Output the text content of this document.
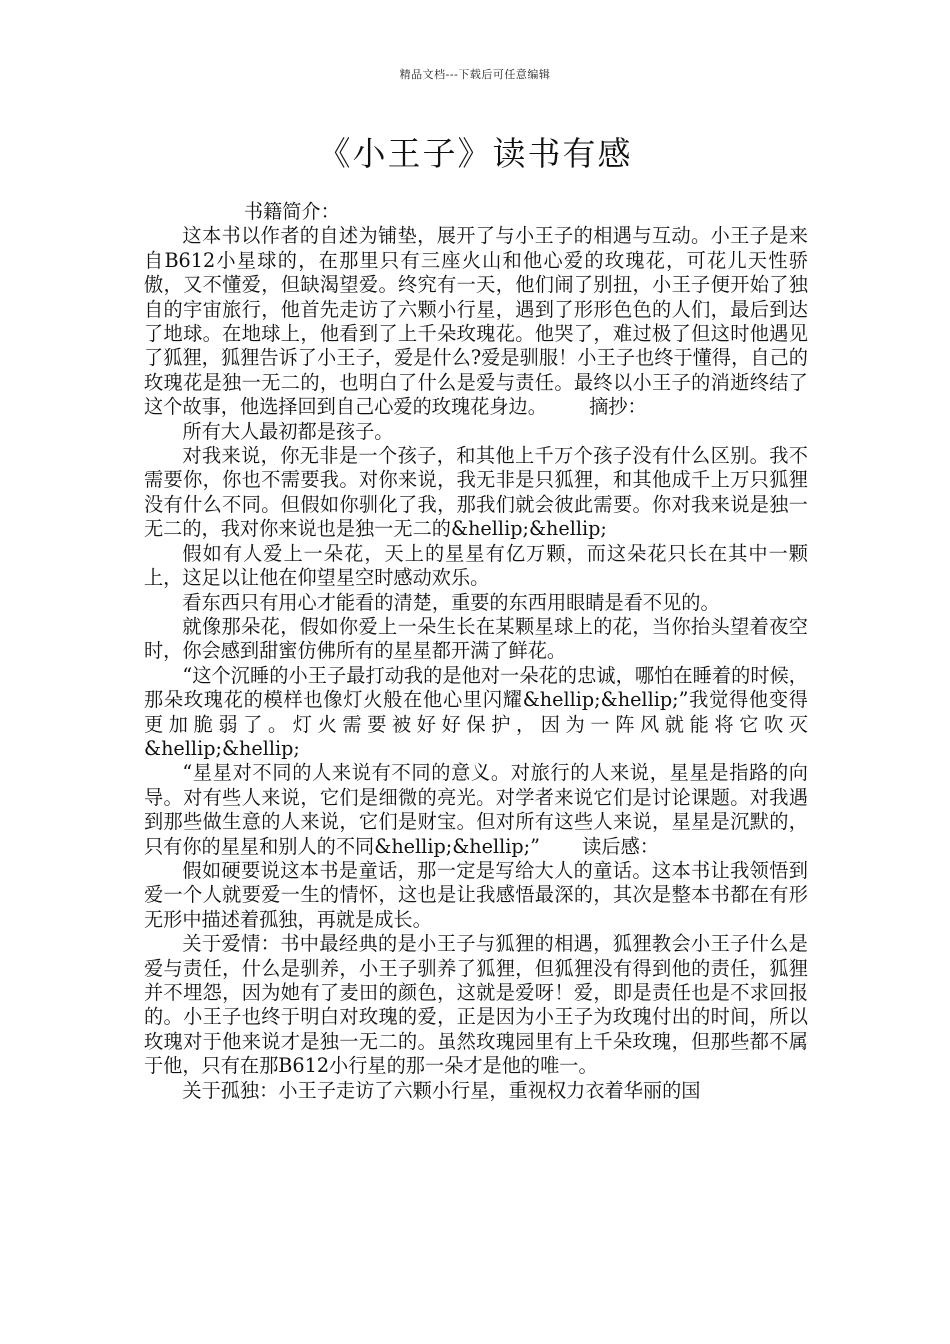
精品文档---下载后可任意编辑
《小王子》读书有感

书籍简介：

这本书以作者的自述为铺垫，展开了与小王子的相遇与互动。小王子是来自B612小星球的，在那里只有三座火山和他心爱的玫瑰花，可花儿天性骄傲，又不懂爱，但缺渴望爱。终究有一天，他们闹了别扭，小王子便开始了独自的宇宙旅行，他首先走访了六颗小行星，遇到了形形色色的人们，最后到达了地球。在地球上，他看到了上千朵玫瑰花。他哭了，难过极了但这时他遇见了狐狸，狐狸告诉了小王子，爱是什么?爱是驯服！小王子也终于懂得，自己的玫瑰花是独一无二的，也明白了什么是爱与责任。最终以小王子的消逝终结了这个故事，他选择回到自己心爱的玫瑰花身边。 摘抄：

所有大人最初都是孩子。

对我来说，你无非是一个孩子，和其他上千万个孩子没有什么区别。我不需要你，你也不需要我。对你来说，我无非是只狐狸，和其他成千上万只狐狸没有什么不同。但假如你驯化了我，那我们就会彼此需要。你对我来说是独一无二的，我对你来说也是独一无二的&hellip;&hellip;

假如有人爱上一朵花，天上的星星有亿万颗，而这朵花只长在其中一颗上，这足以让他在仰望星空时感动欢乐。

看东西只有用心才能看的清楚，重要的东西用眼睛是看不见的。

就像那朵花，假如你爱上一朵生长在某颗星球上的花，当你抬头望着夜空时，你会感到甜蜜仿佛所有的星星都开满了鲜花。

“这个沉睡的小王子最打动我的是他对一朵花的忠诚，哪怕在睡着的时候，那朵玫瑰花的模样也像灯火般在他心里闪耀&hellip;&hellip;”我觉得他变得更加脆弱了。灯火需要被好好保护，因为一阵风就能将它吹灭&hellip;&hellip;

“星星对不同的人来说有不同的意义。对旅行的人来说，星星是指路的向导。对有些人来说，它们是细微的亮光。对学者来说它们是讨论课题。对我遇到那些做生意的人来说，它们是财宝。但对所有这些人来说，星星是沉默的，只有你的星星和别人的不同&hellip;&hellip;” 读后感：

假如硬要说这本书是童话，那一定是写给大人的童话。这本书让我领悟到爱一个人就要爱一生的情怀，这也是让我感悟最深的，其次是整本书都在有形无形中描述着孤独，再就是成长。

关于爱情：书中最经典的是小王子与狐狸的相遇，狐狸教会小王子什么是爱与责任，什么是驯养，小王子驯养了狐狸，但狐狸没有得到他的责任，狐狸并不埋怨，因为她有了麦田的颜色，这就是爱呀！爱，即是责任也是不求回报的。小王子也终于明白对玫瑰的爱，正是因为小王子为玫瑰付出的时间，所以玫瑰对于他来说才是独一无二的。虽然玫瑰园里有上千朵玫瑰，但那些都不属于他，只有在那B612小行星的那一朵才是他的唯一。

关于孤独：小王子走访了六颗小行星，重视权力衣着华丽的国
